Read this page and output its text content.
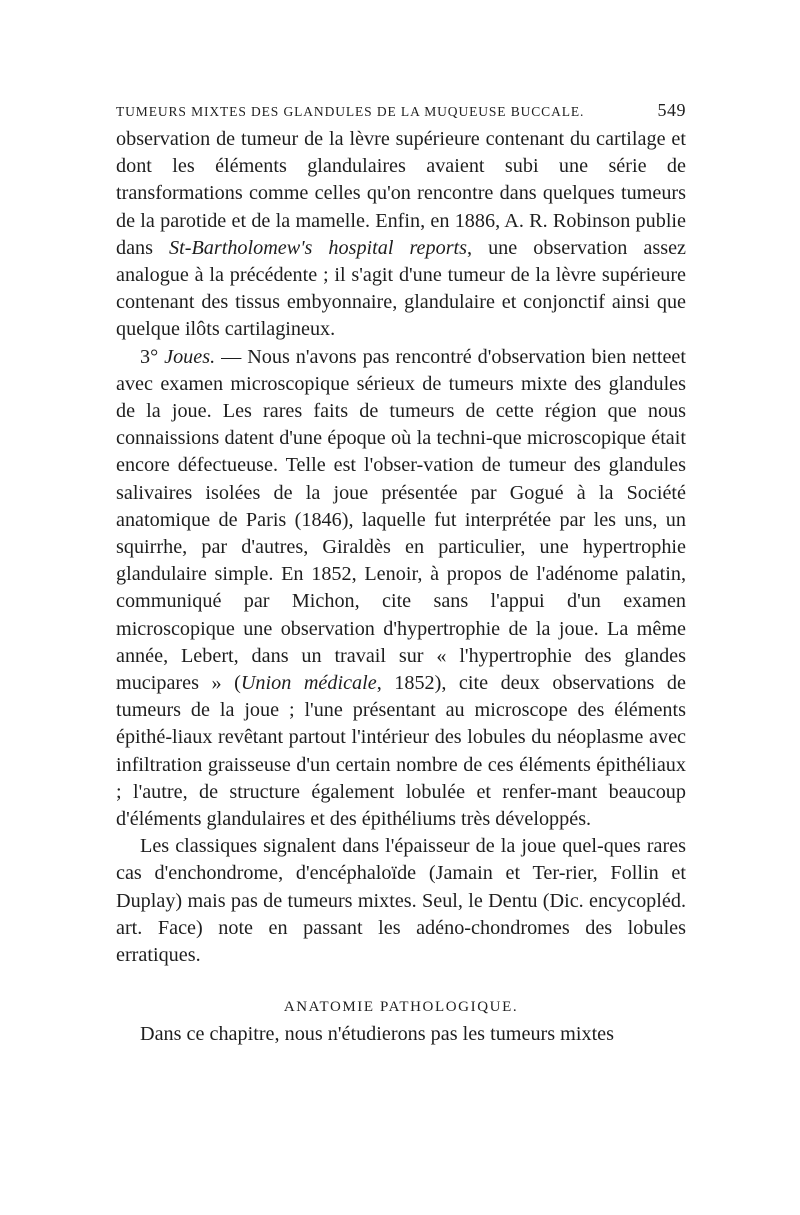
TUMEURS MIXTES DES GLANDULES DE LA MUQUEUSE BUCCALE.	549

observation de tumeur de la lèvre supérieure contenant du cartilage et dont les éléments glandulaires avaient subi une série de transformations comme celles qu'on rencontre dans quelques tumeurs de la parotide et de la mamelle. Enfin, en 1886, A. R. Robinson publie dans St-Bartholomew's hospital reports, une observation assez analogue à la précédente ; il s'agit d'une tumeur de la lèvre supérieure contenant des tissus embyonnaire, glandulaire et conjonctif ainsi que quelque ilôts cartilagineux.

3° Joues. — Nous n'avons pas rencontré d'observation bien netteet avec examen microscopique sérieux de tumeurs mixte des glandules de la joue. Les rares faits de tumeurs de cette région que nous connaissions datent d'une époque où la techni-que microscopique était encore défectueuse. Telle est l'obser-vation de tumeur des glandules salivaires isolées de la joue présentée par Gogué à la Société anatomique de Paris (1846), laquelle fut interprétée par les uns, un squirrhe, par d'autres, Giraldès en particulier, une hypertrophie glandulaire simple. En 1852, Lenoir, à propos de l'adénome palatin, communiqué par Michon, cite sans l'appui d'un examen microscopique une observation d'hypertrophie de la joue. La même année, Lebert, dans un travail sur « l'hypertrophie des glandes mucipares » (Union médicale, 1852), cite deux observations de tumeurs de la joue ; l'une présentant au microscope des éléments épithé-liaux revêtant partout l'intérieur des lobules du néoplasme avec infiltration graisseuse d'un certain nombre de ces éléments épithéliaux ; l'autre, de structure également lobulée et renfer-mant beaucoup d'éléments glandulaires et des épithéliums très développés.

Les classiques signalent dans l'épaisseur de la joue quel-ques rares cas d'enchondrome, d'encéphaloïde (Jamain et Ter-rier, Follin et Duplay) mais pas de tumeurs mixtes. Seul, le Dentu (Dic. encycopléd. art. Face) note en passant les adéno-chondromes des lobules erratiques.

ANATOMIE PATHOLOGIQUE.
Dans ce chapitre, nous n'étudierons pas les tumeurs mixtes
